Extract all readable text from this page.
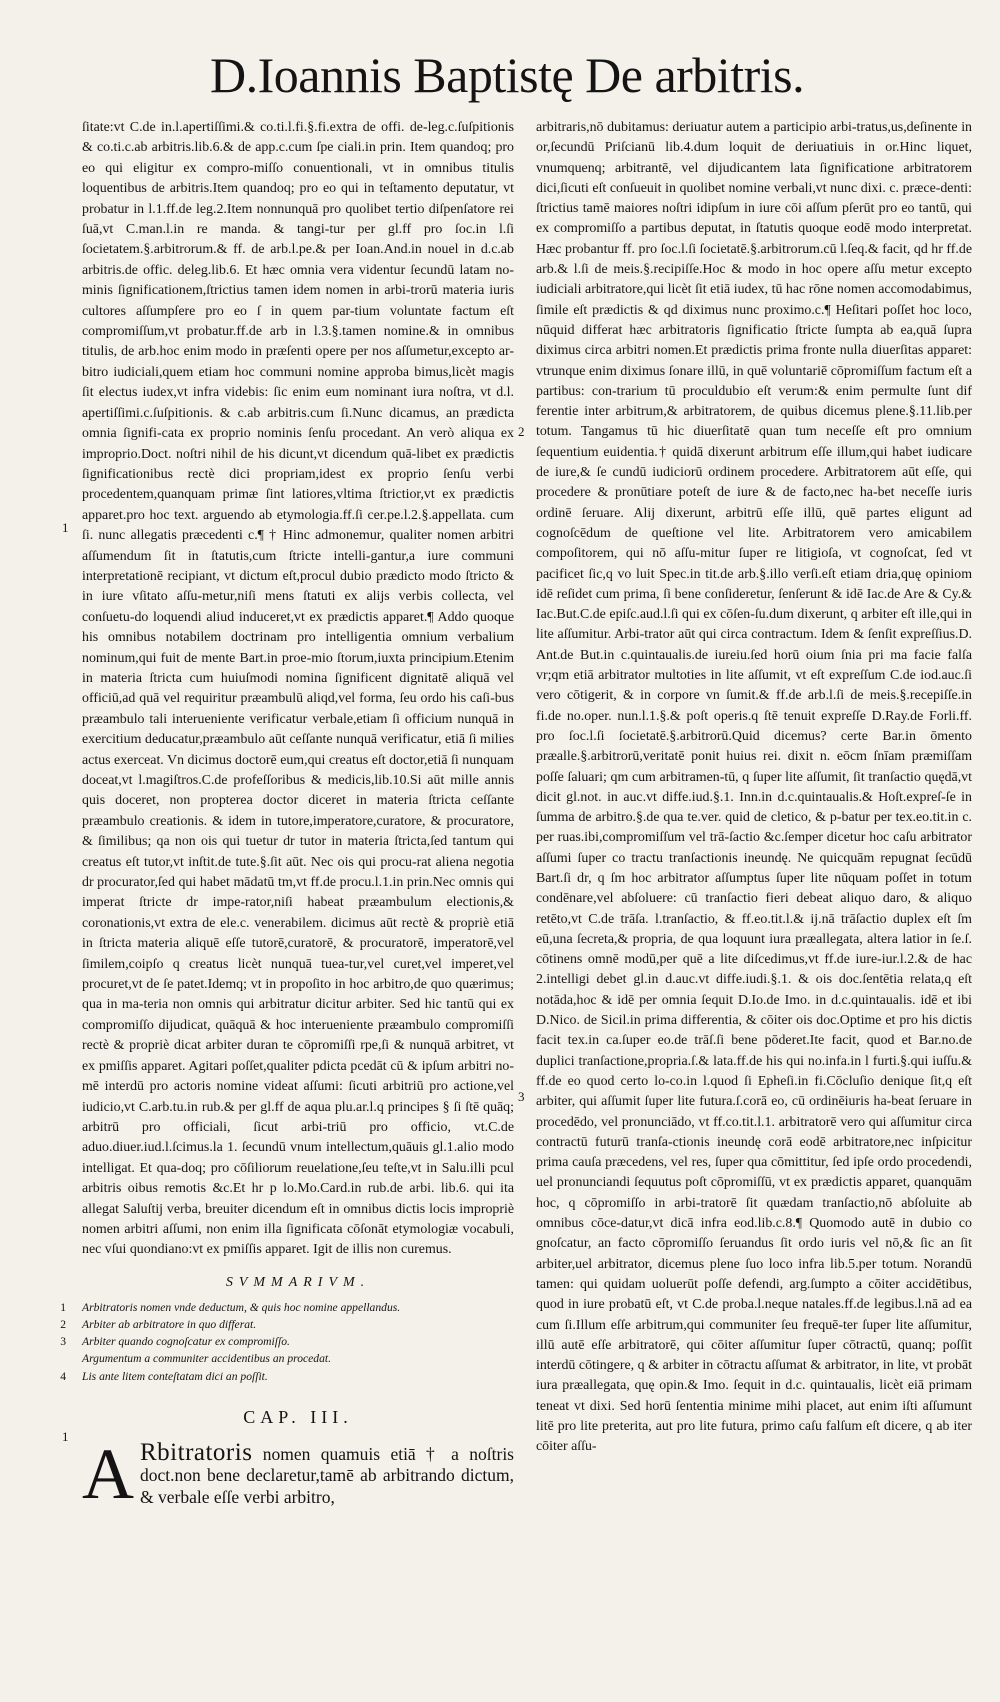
D.Ioannis Baptistę De arbitris.

ſitate:vt C.de in.l.apertiſſimi.& co.ti.l.fi.§.fi.extra de offi. de-leg.c.ſuſpitionis & co.ti.c.ab arbitris.lib.6.& de app.c.cum ſpe ciali.in prin. Item quandoq; pro eo qui eligitur ex compro-miſſo conuentionali, vt in omnibus titulis loquentibus de arbitris.Item quandoq; pro eo qui in teſtamento deputatur, vt probatur in l.1.ff.de leg.2.Item nonnunquā pro quolibet tertio diſpenſatore rei ſuā,vt C.man.l.in re manda. & tangi-tur per gl.ff pro ſoc.in l.ſi ſocietatem.§.arbitrorum.& ff. de arb.l.pe.& per Ioan.And.in nouel in d.c.ab arbitris.de offic. deleg.lib.6. Et hæc omnia vera videntur ſecundū latam no-minis ſignificationem,ſtrictius tamen idem nomen in arbi-trorū materia iuris cultores aſſumpſere pro eo ſ in quem par-tium voluntate factum eſt compromiſſum,vt probatur.ff.de arb in l.3.§.tamen nomine.& in omnibus titulis, de arb.hoc enim modo in præſenti opere per nos aſſumetur,excepto ar-bitro iudiciali,quem etiam hoc communi nomine approba bimus,licèt magis ſit electus iudex,vt infra videbis: ſic enim eum nominant iura noſtra, vt d.l. apertiſſimi.c.ſuſpitionis. & c.ab arbitris.cum ſi.Nunc dicamus, an prædicta omnia ſignifi-cata ex proprio nominis ſenſu procedant. An verò aliqua ex improprio.Doct. noſtri nihil de his dicunt,vt dicendum quā-libet ex prædictis ſignificationibus rectè dici propriam,idest ex proprio ſenſu verbi procedentem,quanquam primæ ſint latiores,vltima ſtrictior,vt ex prædictis apparet.pro hoc text. arguendo ab etymologia.ff.ſi cer.pe.l.2.§.appellata. cum ſi. nunc allegatis præcedenti c.¶ † Hinc admonemur, qualiter nomen arbitri aſſumendum ſit in ſtatutis,cum ſtricte intelli-gantur,a iure communi interpretationē recipiant, vt dictum eſt,procul dubio prædicto modo ſtricto & in iure vſitato aſſu-metur,niſi mens ſtatuti ex alijs verbis collecta, vel conſuetu-do loquendi aliud induceret,vt ex prædictis apparet.¶ Addo quoque his omnibus notabilem doctrinam pro intelligentia omnium verbalium nominum,qui fuit de mente Bart.in proe-mio ſtorum,iuxta principium.Etenim in materia ſtricta cum huiuſmodi nomina ſignificent dignitatē aliquā vel officiū,ad quā vel requiritur præambulū aliqd,vel forma, ſeu ordo his caſi-bus præambulo tali interueniente verificatur verbale,etiam ſi officium nunquā in exercitium deducatur,præambulo aūt ceſſante nunquā verificatur, etiā ſi milies actus exerceat. Vn dicimus doctorē eum,qui creatus eſt doctor,etiā ſi nunquam doceat,vt l.magiſtros.C.de profeſſoribus & medicis,lib.10.Si aūt mille annis quis doceret, non propterea doctor diceret in materia ſtricta ceſſante præambulo creationis. & idem in tutore,imperatore,curatore, & procuratore, & ſimilibus; qa non ois qui tuetur dr tutor in materia ſtricta,ſed tantum qui creatus eſt tutor,vt inſtit.de tute.§.ſit aūt. Nec ois qui procu-rat aliena negotia dr procurator,ſed qui habet mādatū tm,vt ff.de procu.l.1.in prin.Nec omnis qui imperat ſtricte dr impe-rator,niſi habeat præambulum electionis,& coronationis,vt extra de ele.c. venerabilem. dicimus aūt rectè & propriè etiā in ſtricta materia aliquē eſſe tutorē,curatorē, & procuratorē, imperatorē,vel ſimilem,coipſo q creatus licèt nunquā tuea-tur,vel curet,vel imperet,vel procuret,vt de ſe patet.Idemq; vt in propoſito in hoc arbitro,de quo quærimus; qua in ma-teria non omnis qui arbitratur dicitur arbiter. Sed hic tantū qui ex compromiſſo dijudicat, quāquā & hoc interueniente præambulo compromiſſi rectè & propriè dicat arbiter duran te cōpromiſſi rpe,ſi & nunquā arbitret, vt ex pmiſſis apparet. Agitari poſſet,qualiter pdicta pcedāt cū & ipſum arbitri no-mē interdū pro actoris nomine videat aſſumi: ſicuti arbitriū pro actione,vel iudicio,vt C.arb.tu.in rub.& per gl.ff de aqua plu.ar.l.q principes § ſi ſtē quāq; arbitrū pro officiali, ſicut arbi-triū pro officio, vt.C.de aduo.diuer.iud.l.ſcimus.la 1. ſecundū vnum intellectum,quāuis gl.1.alio modo intelligat. Et qua-doq; pro cōſiliorum reuelatione,ſeu teſte,vt in Salu.illi pcul arbitris oibus remotis &c.Et hr p lo.Mo.Card.in rub.de arbi. lib.6. qui ita allegat Saluſtij verba, breuiter dicendum eſt in omnibus dictis locis impropriè nomen arbitri aſſumi, non enim illa ſignificata cōſonāt etymologiæ vocabuli, nec vſui quondiano:vt ex pmiſſis apparet. Igit de illis non curemus.

SVMMARIVM.
1 Arbitratoris nomen vnde deductum, & quis hoc nomine appellandus.
2 Arbiter ab arbitratore in quo differat.
3 Arbiter quando cognoſcatur ex compromiſſo.
Argumentum a communiter accidentibus an procedat.
4 Lis ante litem conteſtatam dici an poſſit.
CAP. III.
A Rbitratoris nomen quamuis etiā † a noſtris doct.non bene declaretur,tamē ab arbitrando dictum, & verbale eſſe verbi arbitro,

arbitraris,nō dubitamus: deriuatur autem a participio arbi-tratus,us,deſinente in or,ſecundū Priſcianū lib.4.dum loquit de deriuatiuis in or.Hinc liquet, vnumquenq; arbitrantē, vel dijudicantem lata ſignificatione arbitratorem dici,ſicuti eſt conſueuit in quolibet nomine verbali,vt nunc dixi. c. præce-denti: ſtrictius tamē maiores noſtri idipſum in iure cōi aſſum pſerūt pro eo tantū, qui ex compromiſſo a partibus deputat, in ſtatutis quoque eodē modo interpretat. Hæc probantur ff. pro ſoc.l.ſi ſocietatē.§.arbitrorum.cū l.ſeq.& facit, qd hr ff.de arb.& l.ſi de meis.§.recipiſſe.Hoc & modo in hoc opere aſſu metur excepto iudiciali arbitratore,qui licèt ſit etiā iudex, tū hac rōne nomen accomodabimus, ſimile eſt prædictis & qd diximus nunc proximo.c.¶ Heſitari poſſet hoc loco, nūquid differat hæc arbitratoris ſignificatio ſtricte ſumpta ab ea,quā ſupra diximus circa arbitri nomen.Et prædictis prima fronte nulla diuerſitas apparet: vtrunque enim diximus ſonare illū, in quē voluntariē cōpromiſſum factum eſt a partibus: con-trarium tū proculdubio eſt verum:& enim permulte ſunt dif ferentie inter arbitrum,& arbitratorem, de quibus dicemus plene.§.11.lib.per totum. Tangamus tū hic diuerſitatē quan tum neceſſe eſt pro omnium ſequentium euidentia.† quidā dixerunt arbitrum eſſe illum,qui habet iudicare de iure,& ſe cundū iudiciorū ordinem procedere. Arbitratorem aūt eſſe, qui procedere & pronūtiare poteſt de iure & de facto,nec ha-bet neceſſe iuris ordinē ſeruare. Alij dixerunt, arbitrū eſſe illū, quē partes eligunt ad cognoſcēdum de queſtione vel lite. Arbitratorem vero amicabilem compoſitorem, qui nō aſſu-mitur ſuper re litigioſa, vt cognoſcat, ſed vt pacificet ſic,q vo luit Spec.in tit.de arb.§.illo verſi.eſt etiam dria,quę opiniom idē reſidet cum prima, ſi bene conſideretur, ſenſerunt & idē Iac.de Are & Cy.& Iac.But.C.de epiſc.aud.l.ſi qui ex cōſen-ſu.dum dixerunt, q arbiter eſt ille,qui in lite aſſumitur. Arbi-trator aūt qui circa contractum. Idem & ſenſit expreſſius.D. Ant.de But.in c.quintaualis.de iureiu.ſed horū oium ſnia pri ma facie falſa vr;qm etiā arbitrator multoties in lite aſſumit, vt eſt expreſſum C.de iod.auc.ſi vero cōtigerit, & in corpore vn ſumit.& ff.de arb.l.ſi de meis.§.recepiſſe.in fi.de no.oper. nun.l.1.§.& poſt operis.q ſtē tenuit expreſſe D.Ray.de Forli.ff. pro ſoc.l.ſi ſocietatē.§.arbitrorū.Quid dicemus? certe Bar.in ōmento præalle.§.arbitrorū,veritatē ponit huius rei. dixit n. eōcm ſnīam præmiſſam poſſe ſaluari; qm cum arbitramen-tū, q ſuper lite aſſumit, ſit tranſactio quędā,vt dicit gl.not. in auc.vt diffe.iud.§.1. Inn.in d.c.quintaualis.& Hoſt.expreſ-ſe in ſumma de arbitro.§.de qua te.ver. quid de cletico, & p-batur per tex.eo.tit.in c. per ruas.ibi,compromiſſum vel trā-ſactio &c.ſemper dicetur hoc caſu arbitrator aſſumi ſuper co tractu tranſactionis ineundę. Ne quicquām repugnat ſecūdū Bart.ſi dr, q ſm hoc arbitrator aſſumptus ſuper lite nūquam poſſet in totum condēnare,vel abſoluere: cū tranſactio fieri debeat aliquo daro, & aliquo retēto,vt C.de trāſa. l.tranſactio, & ff.eo.tit.l.& ij.nā trāſactio duplex eſt ſm eū,una ſecreta,& propria, de qua loquunt iura præallegata, altera latior in ſe.ſ. cōtinens omnē modū,per quē a lite diſcedimus,vt ff.de iure-iur.l.2.& de hac 2.intelligi debet gl.in d.auc.vt diffe.iudi.§.1. & ois doc.ſentētia relata,q eſt notāda,hoc & idē per omnia ſequit D.Io.de Imo. in d.c.quintaualis. idē et ibi D.Nico. de Sicil.in prima differentia, & cōiter ois doc.Optime et pro his dictis facit tex.in ca.ſuper eo.de trāſ.ſi bene pōderet.Ite facit, quod et Bar.no.de duplici tranſactione,propria.ſ.& lata.ff.de his qui no.infa.in l furti.§.qui iuſſu.& ff.de eo quod certo lo-co.in l.quod ſi Epheſi.in fi.Cōcluſio denique ſit,q eſt arbiter, qui aſſumit ſuper lite futura.ſ.corā eo, cū ordinēiuris ha-beat ſeruare in procedēdo, vel pronunciādo, vt ff.co.tit.l.1. arbitratorē vero qui aſſumitur circa contractū futurū tranſa-ctionis ineundę corā eodē arbitratore,nec inſpicitur prima cauſa præcedens, vel res, ſuper qua cōmittitur, ſed ipſe ordo procedendi, uel pronunciandi ſequutus poſt cōpromiſſū, vt ex prædictis apparet, quanquām hoc, q cōpromiſſo in arbi-tratorē ſit quædam tranſactio,nō abſoluite ab omnibus cōce-datur,vt dicā infra eod.lib.c.8.¶ Quomodo autē in dubio co gnoſcatur, an facto cōpromiſſo ſeruandus ſit ordo iuris vel nō,& ſic an ſit arbiter,uel arbitrator, dicemus plene ſuo loco infra lib.5.per totum. Norandū tamen: qui quidam uoluerūt poſſe defendi, arg.ſumpto a cōiter accidētibus, quod in iure probatū eſt, vt C.de proba.l.neque natales.ff.de legibus.l.nā ad ea cum ſi.Illum eſſe arbitrum,qui communiter ſeu frequē-ter ſuper lite aſſumitur, illū autē eſſe arbitratorē, qui cōiter aſſumitur ſuper cōtractū, quanq; poſſit interdū cōtingere, q & arbiter in cōtractu aſſumat & arbitrator, in lite, vt probāt iura præallegata, quę opin.& Imo. ſequit in d.c. quintaualis, licèt eiā primam teneat vt dixi. Sed horū ſententia minime mihi placet, aut enim iſti aſſumunt litē pro lite preterita, aut pro lite futura, primo caſu falſum eſt dicere, q ab iter cōiter aſſu-

1
2
3
1
